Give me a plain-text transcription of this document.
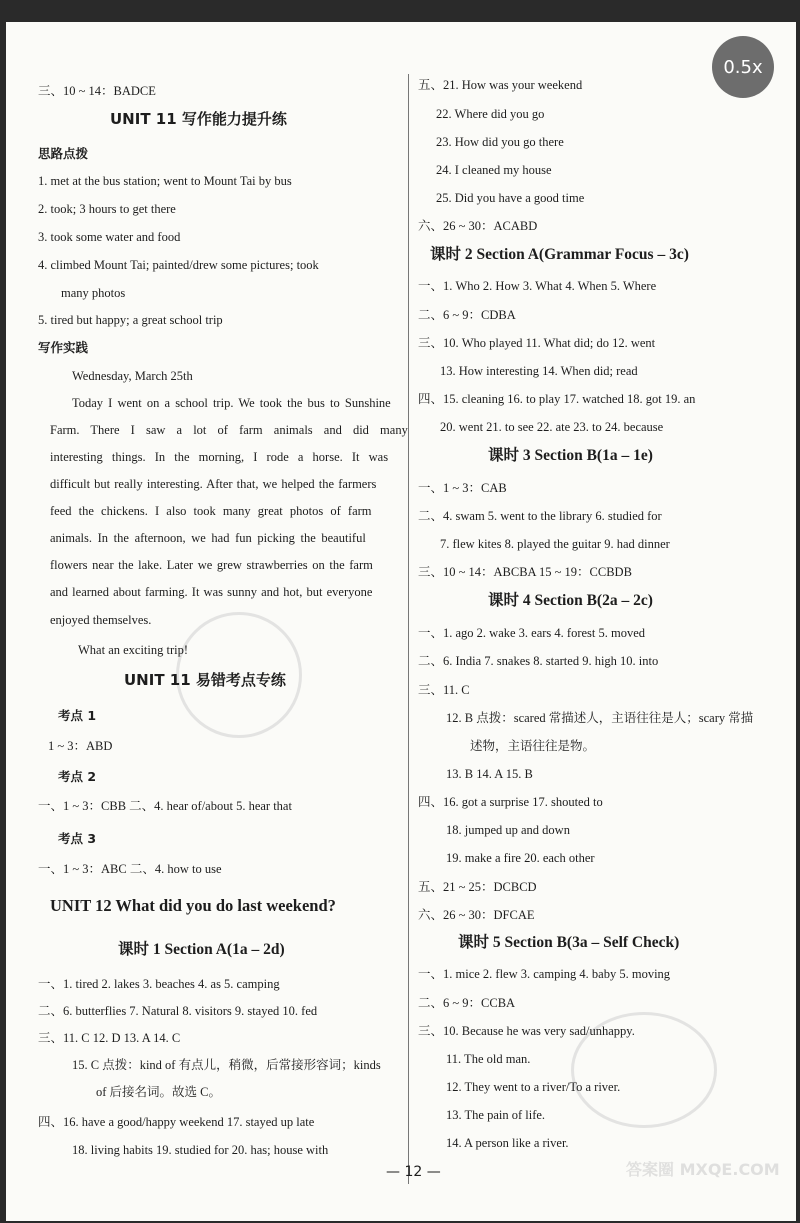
答案圈 MXQE.COM
三、10 ~ 14：BADCE
UNIT 11 写作能力提升练
思路点拨
1. met at the bus station; went to Mount Tai by bus
2. took; 3 hours to get there
3. took some water and food
4. climbed Mount Tai; painted/drew some pictures; took
many photos
5. tired but happy; a great school trip
写作实践
Wednesday, March 25th
Today I went on a school trip. We took the bus to Sunshine
Farm. There I saw a lot of farm animals and did many
interesting things. In the morning, I rode a horse. It was
difficult but really interesting. After that, we helped the farmers
feed the chickens. I also took many great photos of farm
animals. In the afternoon, we had fun picking the beautiful
flowers near the lake. Later we grew strawberries on the farm
and learned about farming. It was sunny and hot, but everyone
enjoyed themselves.
What an exciting trip!
UNIT 11 易错考点专练
考点 1
1 ~ 3：ABD
考点 2
一、1 ~ 3：CBB 二、4. hear of/about 5. hear that
考点 3
一、1 ~ 3：ABC 二、4. how to use
UNIT 12 What did you do last weekend?
课时 1 Section A(1a – 2d)
一、1. tired 2. lakes 3. beaches 4. as 5. camping
二、6. butterflies 7. Natural 8. visitors 9. stayed 10. fed
三、11. C 12. D 13. A 14. C
15. C 点拨：kind of 有点儿，稍微，后常接形容词；kinds
of 后接名词。故选 C。
四、16. have a good/happy weekend 17. stayed up late
18. living habits 19. studied for 20. has; house with
五、21. How was your weekend
22. Where did you go
23. How did you go there
24. I cleaned my house
25. Did you have a good time
六、26 ~ 30：ACABD
课时 2 Section A(Grammar Focus – 3c)
一、1. Who 2. How 3. What 4. When 5. Where
二、6 ~ 9：CDBA
三、10. Who played 11. What did; do 12. went
13. How interesting 14. When did; read
四、15. cleaning 16. to play 17. watched 18. got 19. an
20. went 21. to see 22. ate 23. to 24. because
课时 3 Section B(1a – 1e)
一、1 ~ 3：CAB
二、4. swam 5. went to the library 6. studied for
7. flew kites 8. played the guitar 9. had dinner
三、10 ~ 14：ABCBA 15 ~ 19：CCBDB
课时 4 Section B(2a – 2c)
一、1. ago 2. wake 3. ears 4. forest 5. moved
二、6. India 7. snakes 8. started 9. high 10. into
三、11. C
12. B 点拨：scared 常描述人，主语往往是人；scary 常描
述物，主语往往是物。
13. B 14. A 15. B
四、16. got a surprise 17. shouted to
18. jumped up and down
19. make a fire 20. each other
五、21 ~ 25：DCBCD
六、26 ~ 30：DFCAE
课时 5 Section B(3a – Self Check)
一、1. mice 2. flew 3. camping 4. baby 5. moving
二、6 ~ 9：CCBA
三、10. Because he was very sad/unhappy.
11. The old man.
12. They went to a river/To a river.
13. The pain of life.
14. A person like a river.
— 12 —
0.5x
